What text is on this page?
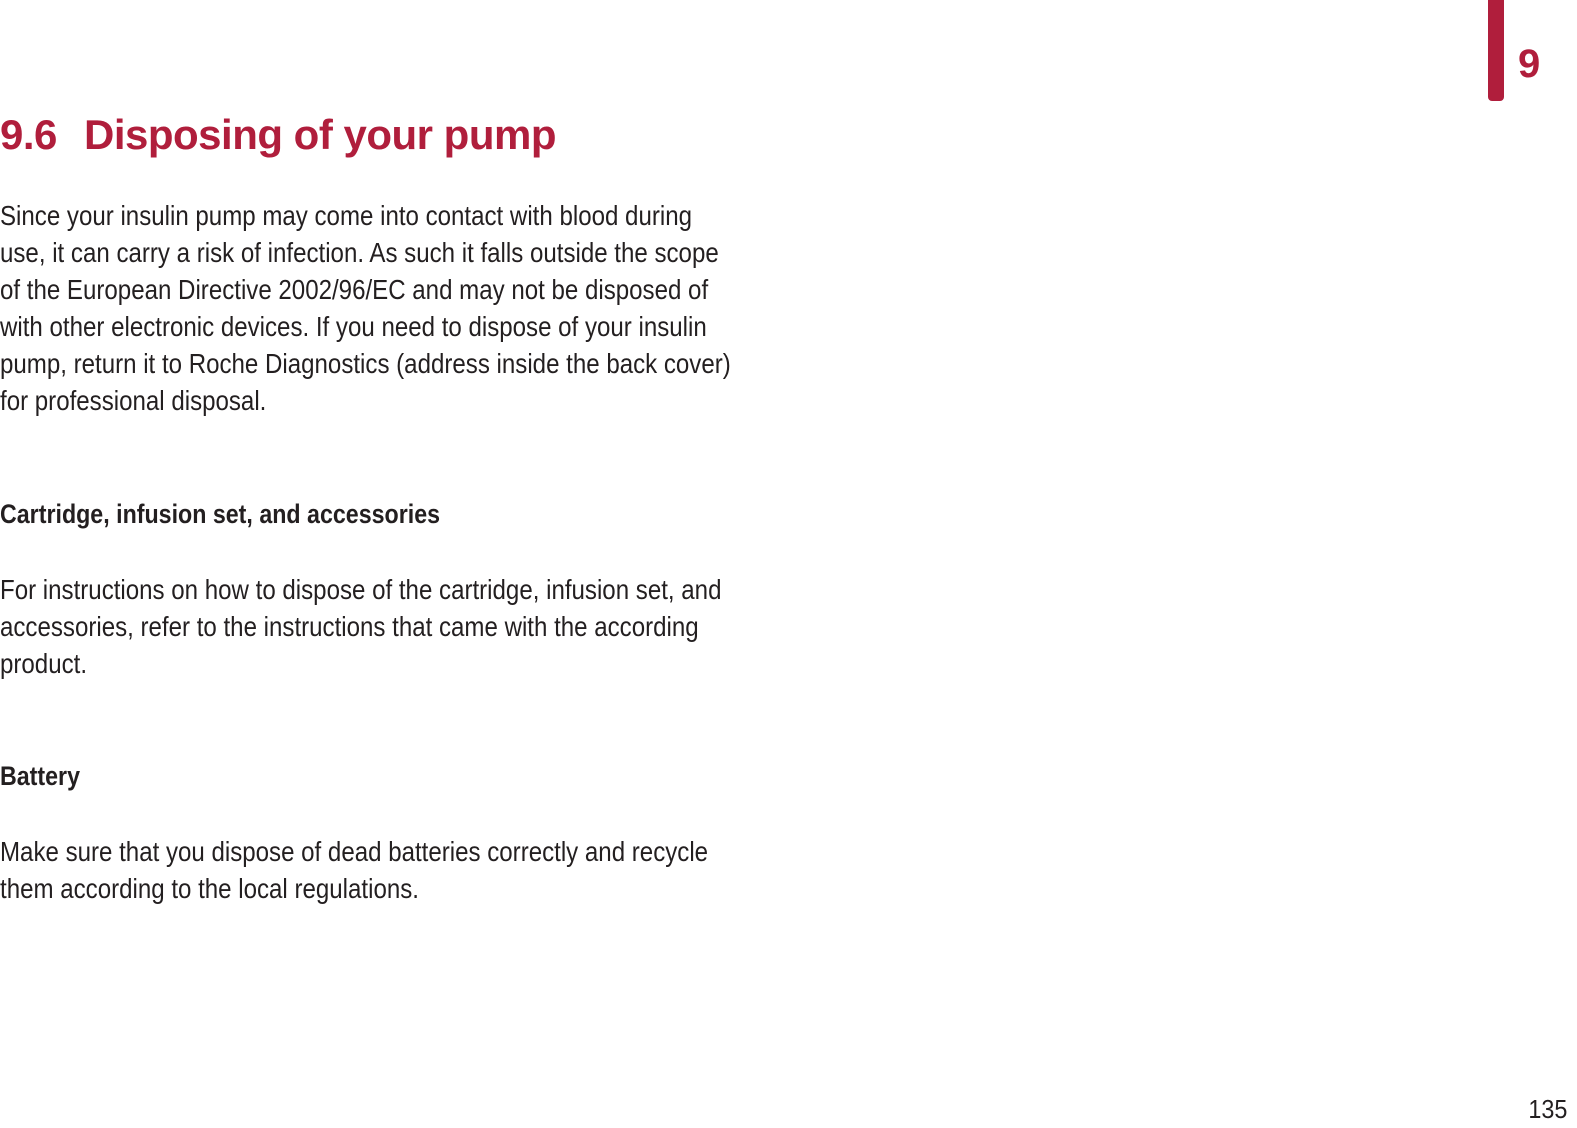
9
9.6 Disposing of your pump

Since your insulin pump may come into contact with blood during use, it can carry a risk of infection. As such it falls outside the scope of the European Directive 2002/96/EC and may not be disposed of with other electronic devices. If you need to dispose of your insulin pump, return it to Roche Diagnostics (address inside the back cover) for professional disposal.

Cartridge, infusion set, and accessories

For instructions on how to dispose of the cartridge, infusion set, and accessories, refer to the instructions that came with the according product.

Battery

Make sure that you dispose of dead batteries correctly and recycle them according to the local regulations.

135
